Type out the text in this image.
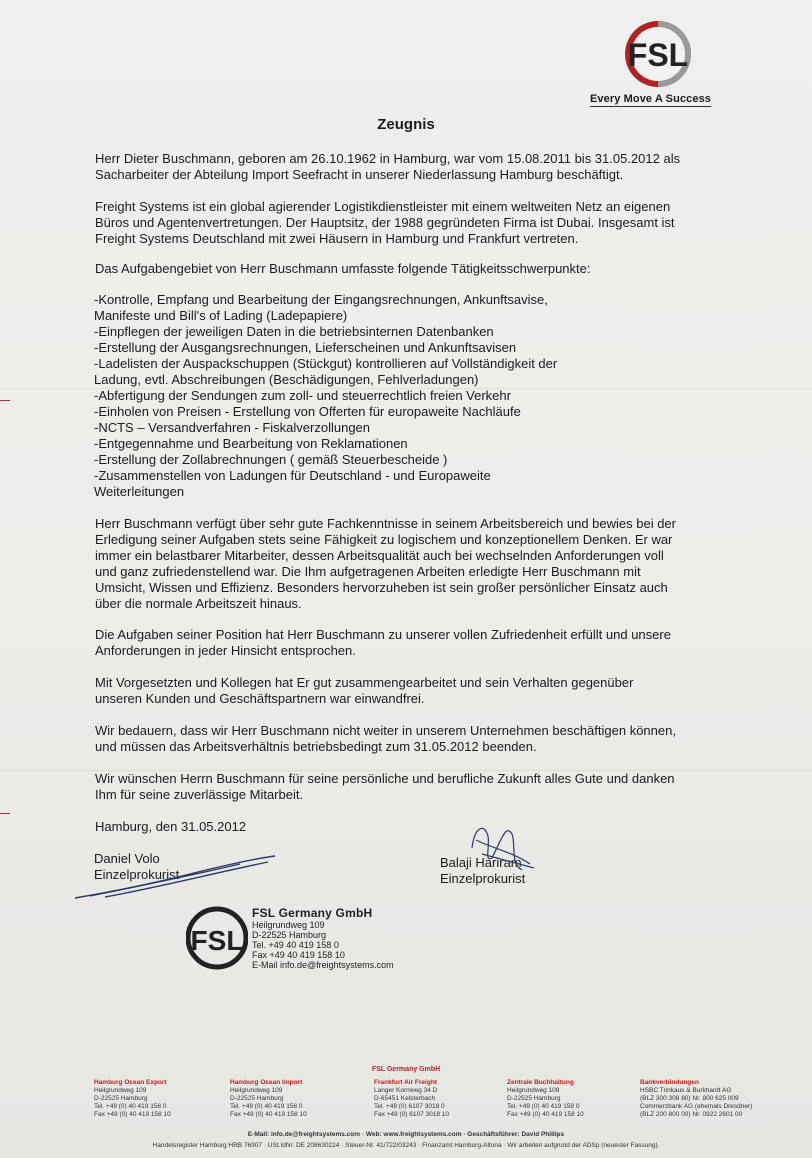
FSL
Every Move A Success
Zeugnis

Herr Dieter Buschmann, geboren am 26.10.1962 in Hamburg, war vom 15.08.2011 bis 31.05.2012 als
Sacharbeiter der Abteilung Import Seefracht in unserer Niederlassung Hamburg beschäftigt.

Freight Systems ist ein global agierender Logistikdienstleister mit einem weltweiten Netz an eigenen
Büros und Agentenvertretungen. Der Hauptsitz, der 1988 gegründeten Firma ist Dubai. Insgesamt ist
Freight Systems Deutschland mit zwei Häusern in Hamburg und Frankfurt vertreten.

Das Aufgabengebiet von Herr Buschmann umfasste folgende Tätigkeitsschwerpunkte:

-Kontrolle, Empfang und Bearbeitung der Eingangsrechnungen, Ankunftsavise,
Manifeste und Bill's of Lading (Ladepapiere)
-Einpflegen der jeweiligen Daten in die betriebsinternen Datenbanken
-Erstellung der Ausgangsrechnungen, Lieferscheinen und Ankunftsavisen
-Ladelisten der Auspackschuppen (Stückgut) kontrollieren auf Vollständigkeit der
Ladung, evtl. Abschreibungen (Beschädigungen, Fehlverladungen)
-Abfertigung der Sendungen zum zoll- und steuerrechtlich freien Verkehr
-Einholen von Preisen - Erstellung von Offerten für europaweite Nachläufe
-NCTS – Versandverfahren - Fiskalverzollungen
-Entgegennahme und Bearbeitung von Reklamationen
-Erstellung der Zollabrechnungen ( gemäß Steuerbescheide )
-Zusammenstellen von Ladungen für Deutschland - und Europaweite
Weiterleitungen

Herr Buschmann verfügt über sehr gute Fachkenntnisse in seinem Arbeitsbereich und bewies bei der
Erledigung seiner Aufgaben stets seine Fähigkeit zu logischem und konzeptionellem Denken. Er war
immer ein belastbarer Mitarbeiter, dessen Arbeitsqualität auch bei wechselnden Anforderungen voll
und ganz zufriedenstellend war. Die Ihm aufgetragenen Arbeiten erledigte Herr Buschmann mit
Umsicht, Wissen und Effizienz. Besonders hervorzuheben ist sein großer persönlicher Einsatz auch
über die normale Arbeitszeit hinaus.

Die Aufgaben seiner Position hat Herr Buschmann zu unserer vollen Zufriedenheit erfüllt und unsere
Anforderungen in jeder Hinsicht entsprochen.

Mit Vorgesetzten und Kollegen hat Er gut zusammengearbeitet und sein Verhalten gegenüber
unseren Kunden und Geschäftspartnern war einwandfrei.

Wir bedauern, dass wir Herr Buschmann nicht weiter in unserem Unternehmen beschäftigen können,
und müssen das Arbeitsverhältnis betriebsbedingt zum 31.05.2012 beenden.

Wir wünschen Herrn Buschmann für seine persönliche und berufliche Zukunft alles Gute und danken
Ihm für seine zuverlässige Mitarbeit.

Hamburg, den 31.05.2012
Daniel Volo
Einzelprokurist
Balaji Hariram
Einzelprokurist
FSL
FSL Germany GmbH
Heilgrundweg 109
D-22525 Hamburg
Tel. +49 40 419 158 0
Fax +49 40 419 158 10
E-Mail info.de@freightsystems.com
FSL Germany GmbH
Hamburg Ocean Export
Heilgrundweg 109
D-22525 Hamburg
Tel. +49 (0) 40 419 158 0
Fax +49 (0) 40 419 158 10
Hamburg Ocean Import
Heilgrundweg 109
D-22525 Hamburg
Tel. +49 (0) 40 419 158 0
Fax +49 (0) 40 419 158 10
Frankfurt Air Freight
Langer Kornweg 34 D
D-65451 Kelsterbach
Tel. +49 (0) 6107 3018 0
Fax +49 (0) 6107 3018 10
Zentrale Buchhaltung
Heilgrundweg 109
D-22525 Hamburg
Tel. +49 (0) 40 419 158 0
Fax +49 (0) 40 419 158 10
Bankverbindungen
HSBC Trinkaus & Burkhardt AG
(BLZ 300 308 80) Nr. 800 625 009
Commerzbank AG (ehemals Dresdner)
(BLZ 200 800 00) Nr. 0922 2601 00
E-Mail: info.de@freightsystems.com · Web: www.freightsystems.com · Geschäftsführer: David Phillips
Handelsregister Hamburg HRB 76907 · USt.IdNr. DE 208630224 · Steuer-Nr. 41/722/03243 · Finanzamt Hamburg-Altona · Wir arbeiten aufgrund der ADSp (neuester Fassung).
